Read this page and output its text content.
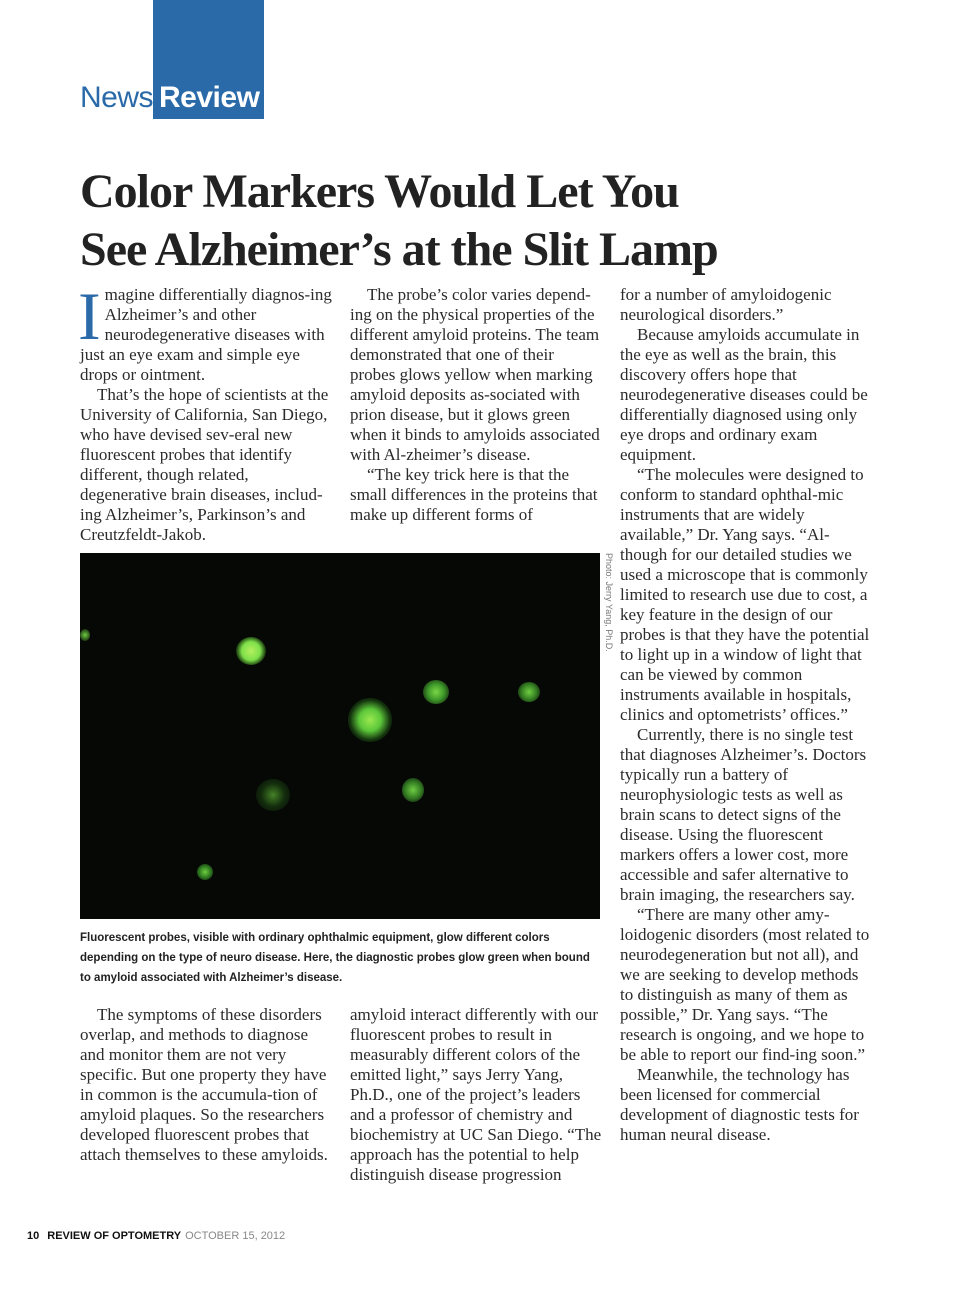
News Review
Color Markers Would Let You
See Alzheimer’s at the Slit Lamp

Imagine differentially diagnos-ing Alzheimer’s and other neurodegenerative diseases with just an eye exam and simple eye drops or ointment.

That’s the hope of scientists at the University of California, San Diego, who have devised sev-eral new fluorescent probes that identify different, though related, degenerative brain diseases, includ-ing Alzheimer’s, Parkinson’s and Creutzfeldt-Jakob.

The probe’s color varies depend-ing on the physical properties of the different amyloid proteins. The team demonstrated that one of their probes glows yellow when marking amyloid deposits as-sociated with prion disease, but it glows green when it binds to amyloids associated with Al-zheimer’s disease.

“The key trick here is that the small differences in the proteins that make up different forms of

Photo: Jerry Yang, Ph.D.

Fluorescent probes, visible with ordinary ophthalmic equipment, glow different colors depending on the type of neuro disease. Here, the diagnostic probes glow green when bound to amyloid associated with Alzheimer’s disease.

The symptoms of these disorders overlap, and methods to diagnose and monitor them are not very specific. But one property they have in common is the accumula-tion of amyloid plaques. So the researchers developed fluorescent probes that attach themselves to these amyloids.

amyloid interact differently with our fluorescent probes to result in measurably different colors of the emitted light,” says Jerry Yang, Ph.D., one of the project’s leaders and a professor of chemistry and biochemistry at UC San Diego. “The approach has the potential to help distinguish disease progression

for a number of amyloidogenic neurological disorders.”

Because amyloids accumulate in the eye as well as the brain, this discovery offers hope that neurodegenerative diseases could be differentially diagnosed using only eye drops and ordinary exam equipment.

“The molecules were designed to conform to standard ophthal-mic instruments that are widely available,” Dr. Yang says. “Al-though for our detailed studies we used a microscope that is commonly limited to research use due to cost, a key feature in the design of our probes is that they have the potential to light up in a window of light that can be viewed by common instruments available in hospitals, clinics and optometrists’ offices.”

Currently, there is no single test that diagnoses Alzheimer’s. Doctors typically run a battery of neurophysiologic tests as well as brain scans to detect signs of the disease. Using the fluorescent markers offers a lower cost, more accessible and safer alternative to brain imaging, the researchers say.

“There are many other amy-loidogenic disorders (most related to neurodegeneration but not all), and we are seeking to develop methods to distinguish as many of them as possible,” Dr. Yang says. “The research is ongoing, and we hope to be able to report our find-ing soon.”

Meanwhile, the technology has been licensed for commercial development of diagnostic tests for human neural disease.

10 REVIEW OF OPTOMETRY OCTOBER 15, 2012
